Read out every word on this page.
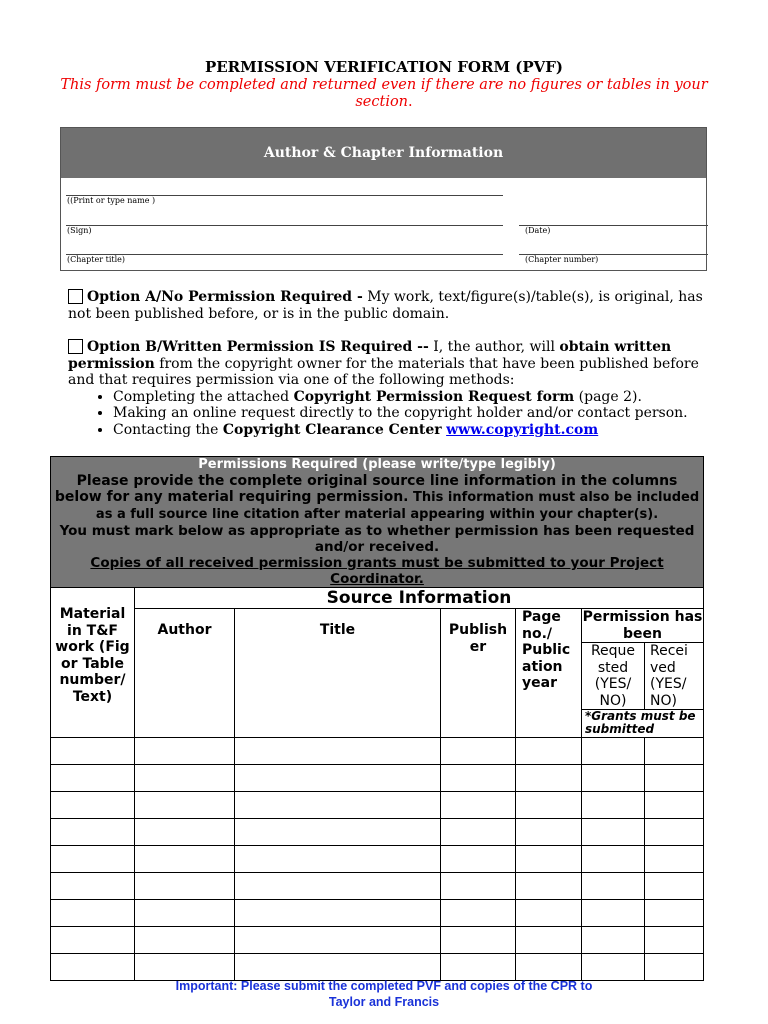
PERMISSION VERIFICATION FORM (PVF)
This form must be completed and returned even if there are no figures or tables in your section.
Author & Chapter Information
((Print or type name )
(Sign)	(Date)
(Chapter title)	(Chapter number)
Option A/No Permission Required - My work, text/figure(s)/table(s), is original, has not been published before, or is in the public domain.
Option B/Written Permission IS Required -- I, the author, will obtain written permission from the copyright owner for the materials that have been published before and that requires permission via one of the following methods:
• Completing the attached Copyright Permission Request form (page 2).
• Making an online request directly to the copyright holder and/or contact person.
• Contacting the Copyright Clearance Center www.copyright.com
Permissions Required (please write/type legibly)
Please provide the complete original source line information in the columns below for any material requiring permission. This information must also be included as a full source line citation after material appearing within your chapter(s).
You must mark below as appropriate as to whether permission has been requested and/or received.
Copies of all received permission grants must be submitted to your Project Coordinator.						

Material in T&F work (Fig or Table number/ Text)	Source Information					
	Author	Title	Publish er	Page no./ Public ation year	Permission has been	
					Reque sted (YES/ NO)	Recei ved (YES/ NO)
					*Grants must be submitted	

Important: Please submit the completed PVF and copies of the CPR to
Taylor and Francis
